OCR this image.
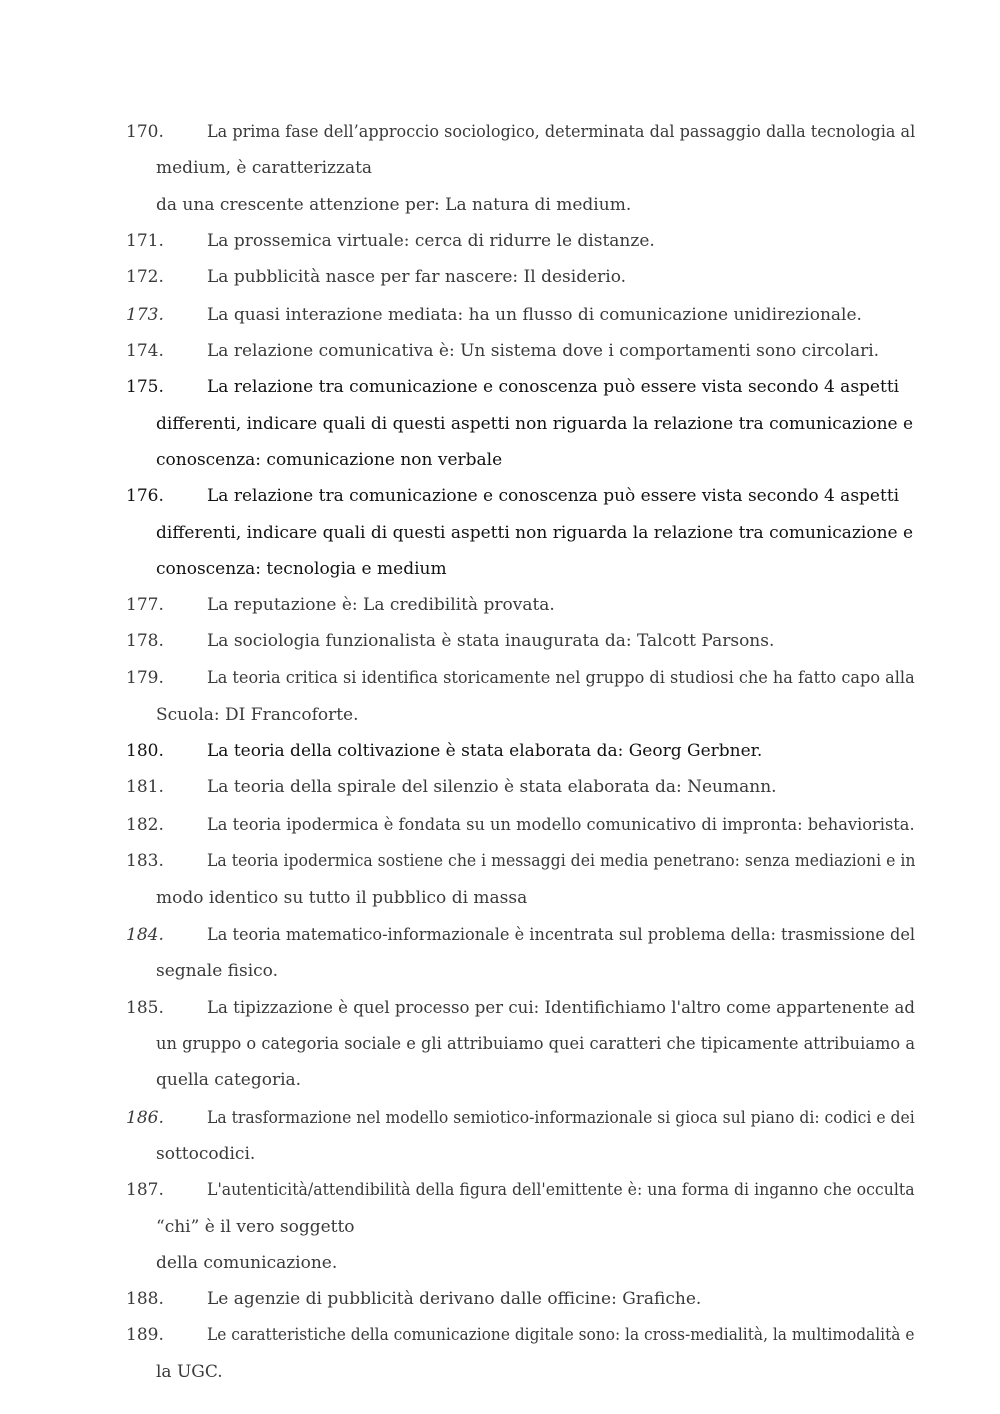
170.	La prima fase dell’approccio sociologico, determinata dal passaggio dalla tecnologia al
medium, è caratterizzata
da una crescente attenzione per: La natura di medium.
171.	La prossemica virtuale: cerca di ridurre le distanze.
172.	La pubblicità nasce per far nascere: Il desiderio.
173.	La quasi interazione mediata: ha un flusso di comunicazione unidirezionale.
174.	La relazione comunicativa è: Un sistema dove i comportamenti sono circolari.
175.	La relazione tra comunicazione e conoscenza può essere vista secondo 4 aspetti
differenti, indicare quali di questi aspetti non riguarda la relazione tra comunicazione e
conoscenza: comunicazione non verbale
176.	La relazione tra comunicazione e conoscenza può essere vista secondo 4 aspetti
differenti, indicare quali di questi aspetti non riguarda la relazione tra comunicazione e
conoscenza: tecnologia e medium
177.	La reputazione è: La credibilità provata.
178.	La sociologia funzionalista è stata inaugurata da: Talcott Parsons.
179.	La teoria critica si identifica storicamente nel gruppo di studiosi che ha fatto capo alla
Scuola: DI Francoforte.
180.	La teoria della coltivazione è stata elaborata da: Georg Gerbner.
181.	La teoria della spirale del silenzio è stata elaborata da: Neumann.
182.	La teoria ipodermica è fondata su un modello comunicativo di impronta: behaviorista.
183.	La teoria ipodermica sostiene che i messaggi dei media penetrano: senza mediazioni e in
modo identico su tutto il pubblico di massa
184.	La teoria matematico-informazionale è incentrata sul problema della: trasmissione del
segnale fisico.
185.	La tipizzazione è quel processo per cui: Identifichiamo l'altro come appartenente ad
un gruppo o categoria sociale e gli attribuiamo quei caratteri che tipicamente attribuiamo a
quella categoria.
186.	La trasformazione nel modello semiotico-informazionale si gioca sul piano di: codici e dei
sottocodici.
187.	L'autenticità/attendibilità della figura dell'emittente è: una forma di inganno che occulta
“chi” è il vero soggetto
della comunicazione.
188.	Le agenzie di pubblicità derivano dalle officine: Grafiche.
189.	Le caratteristiche della comunicazione digitale sono: la cross-medialità, la multimodalità e
la UGC.
